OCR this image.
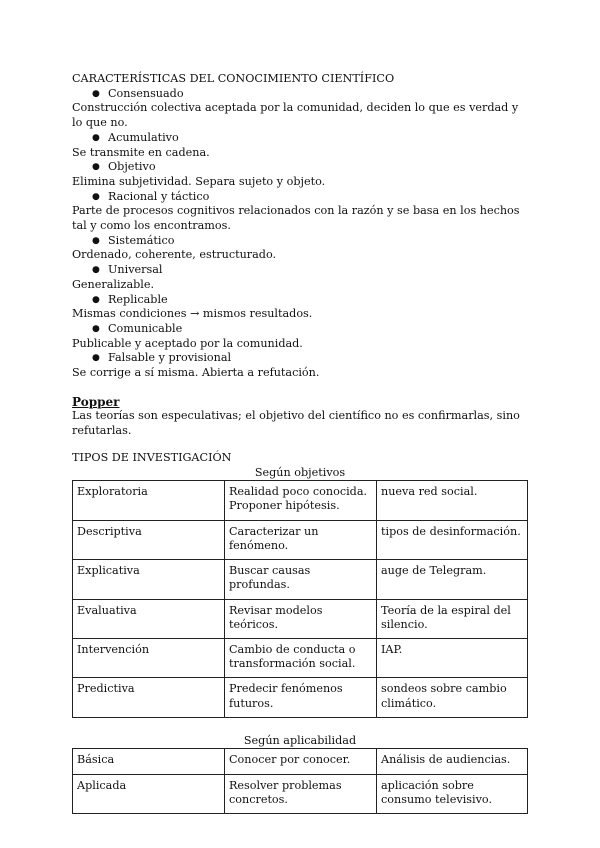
CARACTERÍSTICAS DEL CONOCIMIENTO CIENTÍFICO
● Consensuado
Construcción colectiva aceptada por la comunidad, deciden lo que es verdad y lo que no.
● Acumulativo
Se transmite en cadena.
● Objetivo
Elimina subjetividad. Separa sujeto y objeto.
● Racional y táctico
Parte de procesos cognitivos relacionados con la razón y se basa en los hechos tal y como los encontramos.
● Sistemático
Ordenado, coherente, estructurado.
● Universal
Generalizable.
● Replicable
Mismas condiciones → mismos resultados.
● Comunicable
Publicable y aceptado por la comunidad.
● Falsable y provisional
Se corrige a sí misma. Abierta a refutación.
Popper
Las teorías son especulativas; el objetivo del científico no es confirmarlas, sino refutarlas.
TIPOS DE INVESTIGACIÓN
Según objetivos
Exploratoria	Realidad poco conocida. Proponer hipótesis.	nueva red social.
Descriptiva	Caracterizar un fenómeno.	tipos de desinformación.
Explicativa	Buscar causas profundas.	auge de Telegram.
Evaluativa	Revisar modelos teóricos.	Teoría de la espiral del silencio.
Intervención	Cambio de conducta o transformación social.	IAP.
Predictiva	Predecir fenómenos futuros.	sondeos sobre cambio climático.
Según aplicabilidad
Básica	Conocer por conocer.	Análisis de audiencias.
Aplicada	Resolver problemas concretos.	aplicación sobre consumo televisivo.
